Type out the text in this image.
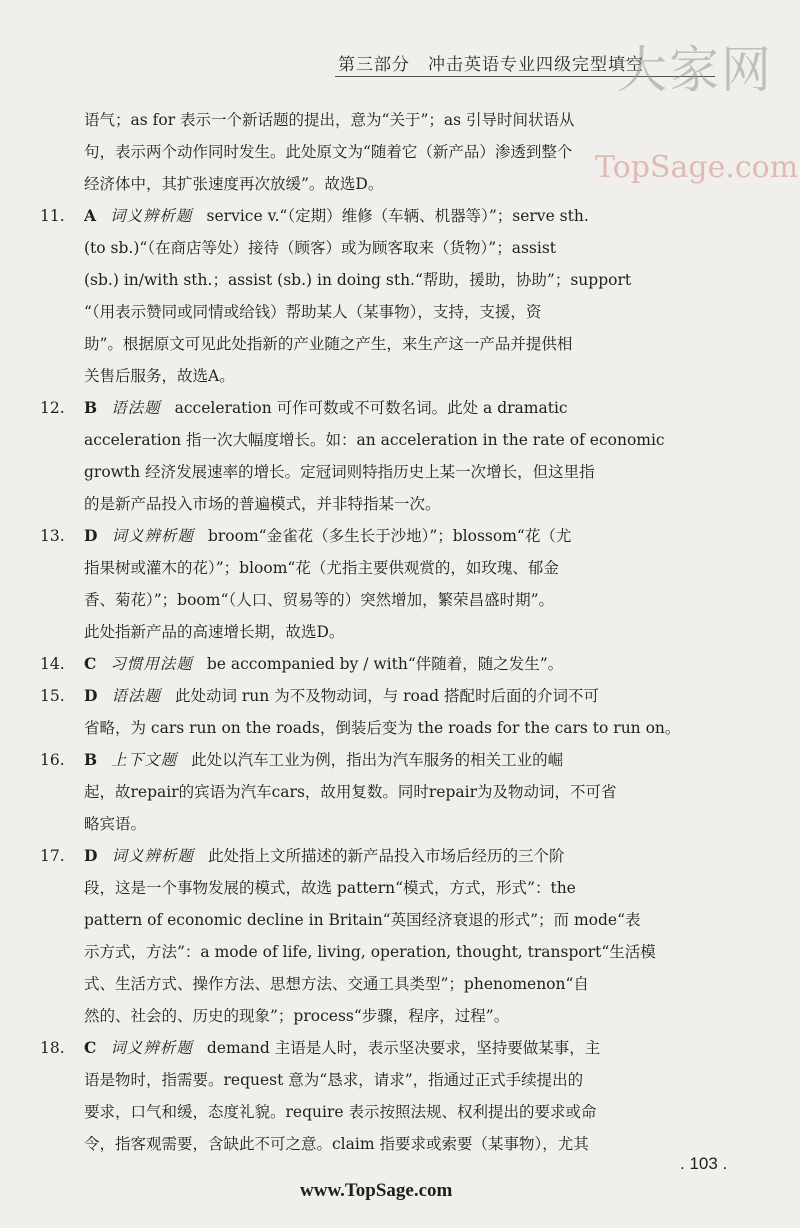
第三部分　冲击英语专业四级完型填空
大家网
TopSage.com
语气；as for 表示一个新话题的提出，意为“关于”；as 引导时间状语从
句，表示两个动作同时发生。此处原文为“随着它（新产品）渗透到整个
经济体中，其扩张速度再次放缓”。故选D。
11.	A 词义辨析题 service v.“（定期）维修（车辆、机器等）”；serve sth.
(to sb.)“（在商店等处）接待（顾客）或为顾客取来（货物）”；assist
(sb.) in/with sth.；assist (sb.) in doing sth.“帮助，援助，协助”；support
“（用表示赞同或同情或给钱）帮助某人（某事物），支持，支援，资
助”。根据原文可见此处指新的产业随之产生，来生产这一产品并提供相
关售后服务，故选A。
12.	B 语法题 acceleration 可作可数或不可数名词。此处 a dramatic
acceleration 指一次大幅度增长。如：an acceleration in the rate of economic
growth 经济发展速率的增长。定冠词则特指历史上某一次增长，但这里指
的是新产品投入市场的普遍模式，并非特指某一次。
13.	D 词义辨析题 broom“金雀花（多生长于沙地）”；blossom“花（尤
指果树或灌木的花）”；bloom“花（尤指主要供观赏的，如玫瑰、郁金
香、菊花）”；boom“（人口、贸易等的）突然增加，繁荣昌盛时期”。
此处指新产品的高速增长期，故选D。
14.	C 习惯用法题 be accompanied by / with“伴随着，随之发生”。
15.	D 语法题 此处动词 run 为不及物动词，与 road 搭配时后面的介词不可
省略，为 cars run on the roads，倒装后变为 the roads for the cars to run on。
16.	B 上下文题 此处以汽车工业为例，指出为汽车服务的相关工业的崛
起，故repair的宾语为汽车cars，故用复数。同时repair为及物动词，不可省
略宾语。
17.	D 词义辨析题 此处指上文所描述的新产品投入市场后经历的三个阶
段，这是一个事物发展的模式，故选 pattern“模式，方式，形式”：the
pattern of economic decline in Britain“英国经济衰退的形式”；而 mode“表
示方式，方法”：a mode of life, living, operation, thought, transport“生活模
式、生活方式、操作方法、思想方法、交通工具类型”；phenomenon“自
然的、社会的、历史的现象”；process“步骤，程序，过程”。
18.	C 词义辨析题 demand 主语是人时，表示坚决要求，坚持要做某事，主
语是物时，指需要。request 意为“恳求，请求”，指通过正式手续提出的
要求，口气和缓，态度礼貌。require 表示按照法规、权利提出的要求或命
令，指客观需要，含缺此不可之意。claim 指要求或索要（某事物），尤其
. 103 .
www.TopSage.com
